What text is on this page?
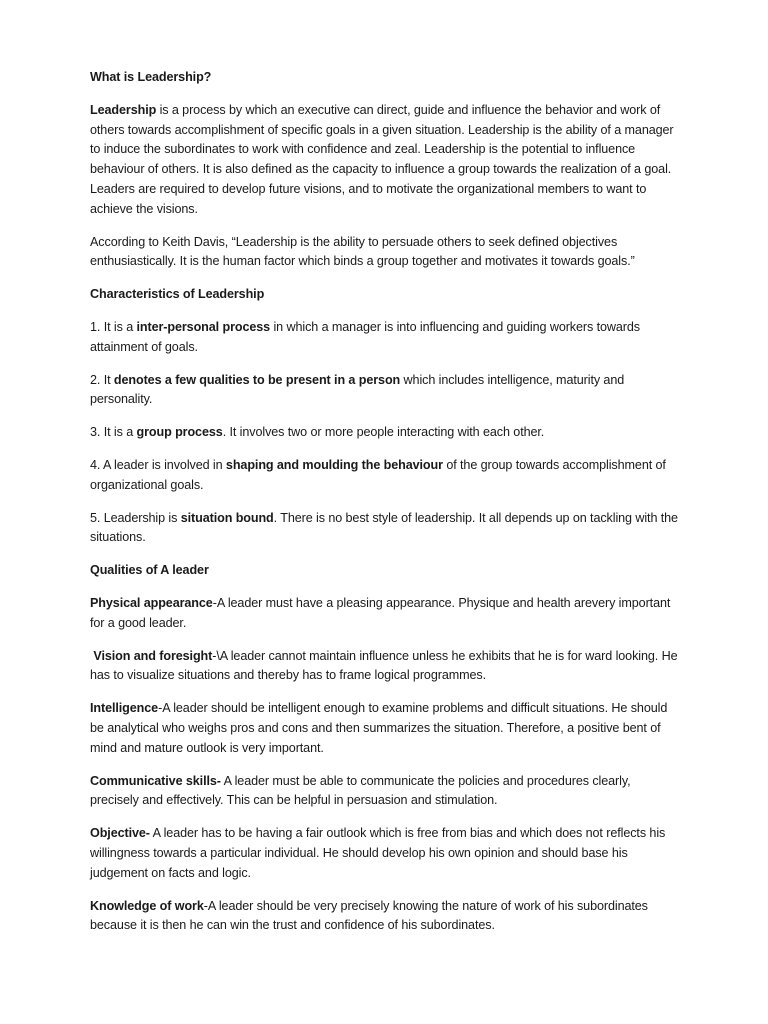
What is Leadership?

Leadership is a process by which an executive can direct, guide and influence the behavior and work of others towards accomplishment of specific goals in a given situation. Leadership is the ability of a manager to induce the subordinates to work with confidence and zeal. Leadership is the potential to influence behaviour of others. It is also defined as the capacity to influence a group towards the realization of a goal. Leaders are required to develop future visions, and to motivate the organizational members to want to achieve the visions.

According to Keith Davis, “Leadership is the ability to persuade others to seek defined objectives enthusiastically. It is the human factor which binds a group together and motivates it towards goals.”

Characteristics of Leadership

1. It is a inter-personal process in which a manager is into influencing and guiding workers towards attainment of goals.

2. It denotes a few qualities to be present in a person which includes intelligence, maturity and personality.

3. It is a group process. It involves two or more people interacting with each other.

4. A leader is involved in shaping and moulding the behaviour of the group towards accomplishment of organizational goals.

5. Leadership is situation bound. There is no best style of leadership. It all depends up on tackling with the situations.

Qualities of A leader

Physical appearance-A leader must have a pleasing appearance. Physique and health arevery important for a good leader.

Vision and foresight-\A leader cannot maintain influence unless he exhibits that he is for ward looking. He has to visualize situations and thereby has to frame logical programmes.

Intelligence-A leader should be intelligent enough to examine problems and difficult situations. He should be analytical who weighs pros and cons and then summarizes the situation. Therefore, a positive bent of mind and mature outlook is very important.

Communicative skills- A leader must be able to communicate the policies and procedures clearly, precisely and effectively. This can be helpful in persuasion and stimulation.

Objective- A leader has to be having a fair outlook which is free from bias and which does not reflects his willingness towards a particular individual. He should develop his own opinion and should base his judgement on facts and logic.

Knowledge of work-A leader should be very precisely knowing the nature of work of his subordinates because it is then he can win the trust and confidence of his subordinates.
